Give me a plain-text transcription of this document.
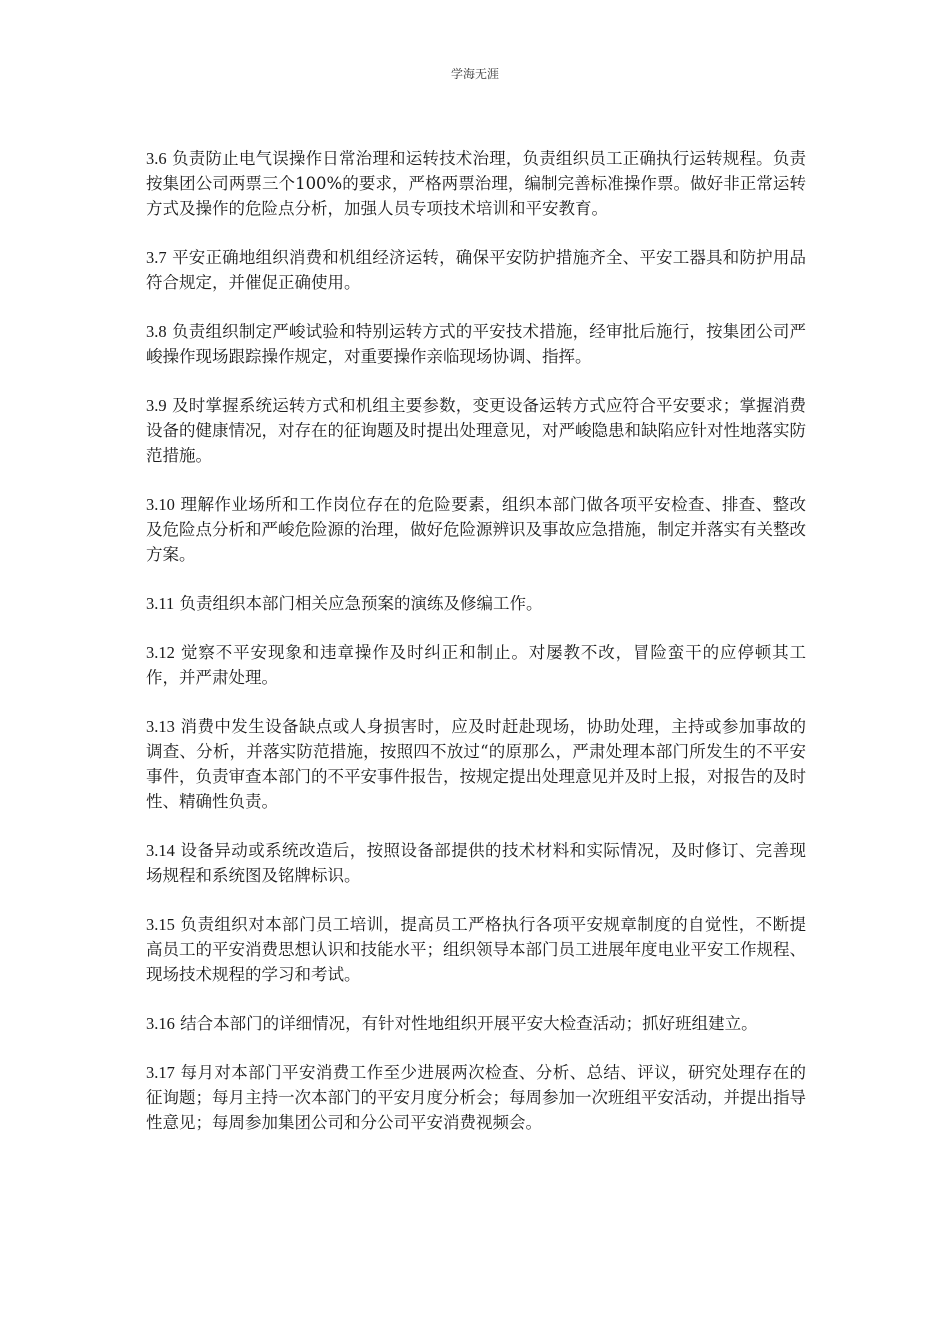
学海无涯

3.6 负责防止电气误操作日常治理和运转技术治理，负责组织员工正确执行运转规程。负责按集团公司两票三个100%的要求，严格两票治理，编制完善标准操作票。做好非正常运转方式及操作的危险点分析，加强人员专项技术培训和平安教育。

3.7 平安正确地组织消费和机组经济运转，确保平安防护措施齐全、平安工器具和防护用品符合规定，并催促正确使用。

3.8 负责组织制定严峻试验和特别运转方式的平安技术措施，经审批后施行，按集团公司严峻操作现场跟踪操作规定，对重要操作亲临现场协调、指挥。

3.9 及时掌握系统运转方式和机组主要参数，变更设备运转方式应符合平安要求；掌握消费设备的健康情况，对存在的征询题及时提出处理意见，对严峻隐患和缺陷应针对性地落实防范措施。

3.10 理解作业场所和工作岗位存在的危险要素，组织本部门做各项平安检查、排查、整改及危险点分析和严峻危险源的治理，做好危险源辨识及事故应急措施，制定并落实有关整改方案。

3.11 负责组织本部门相关应急预案的演练及修编工作。

3.12 觉察不平安现象和违章操作及时纠正和制止。对屡教不改，冒险蛮干的应停顿其工作，并严肃处理。

3.13 消费中发生设备缺点或人身损害时，应及时赶赴现场，协助处理，主持或参加事故的调查、分析，并落实防范措施，按照四不放过“的原那么，严肃处理本部门所发生的不平安事件，负责审查本部门的不平安事件报告，按规定提出处理意见并及时上报，对报告的及时性、精确性负责。

3.14 设备异动或系统改造后，按照设备部提供的技术材料和实际情况，及时修订、完善现场规程和系统图及铭牌标识。

3.15 负责组织对本部门员工培训，提高员工严格执行各项平安规章制度的自觉性，不断提高员工的平安消费思想认识和技能水平；组织领导本部门员工进展年度电业平安工作规程、现场技术规程的学习和考试。

3.16 结合本部门的详细情况，有针对性地组织开展平安大检查活动；抓好班组建立。

3.17 每月对本部门平安消费工作至少进展两次检查、分析、总结、评议，研究处理存在的征询题；每月主持一次本部门的平安月度分析会；每周参加一次班组平安活动，并提出指导性意见；每周参加集团公司和分公司平安消费视频会。
